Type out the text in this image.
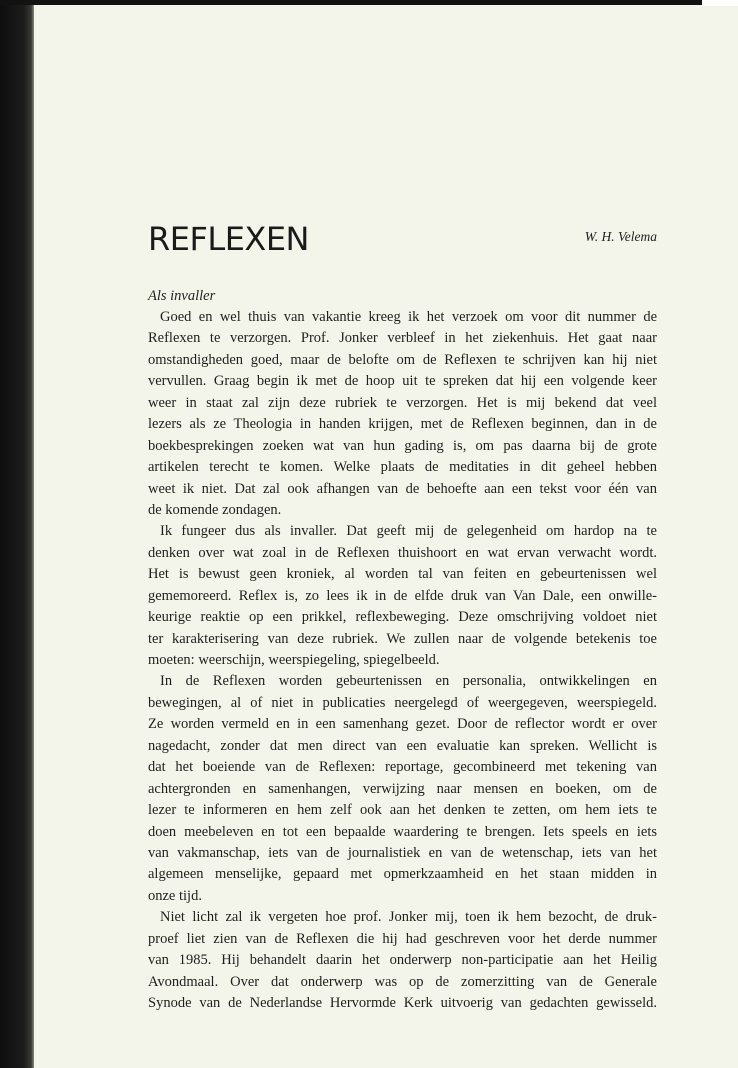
Reflexen	W. H. Velema
Als invaller
Goed en wel thuis van vakantie kreeg ik het verzoek om voor dit nummer de
Reflexen te verzorgen. Prof. Jonker verbleef in het ziekenhuis. Het gaat naar
omstandigheden goed, maar de belofte om de Reflexen te schrijven kan hij niet
vervullen. Graag begin ik met de hoop uit te spreken dat hij een volgende keer
weer in staat zal zijn deze rubriek te verzorgen. Het is mij bekend dat veel
lezers als ze Theologia in handen krijgen, met de Reflexen beginnen, dan in de
boekbesprekingen zoeken wat van hun gading is, om pas daarna bij de grote
artikelen terecht te komen. Welke plaats de meditaties in dit geheel hebben
weet ik niet. Dat zal ook afhangen van de behoefte aan een tekst voor één van
de komende zondagen.
Ik fungeer dus als invaller. Dat geeft mij de gelegenheid om hardop na te
denken over wat zoal in de Reflexen thuishoort en wat ervan verwacht wordt.
Het is bewust geen kroniek, al worden tal van feiten en gebeurtenissen wel
gememoreerd. Reflex is, zo lees ik in de elfde druk van Van Dale, een onwille-
keurige reaktie op een prikkel, reflexbeweging. Deze omschrijving voldoet niet
ter karakterisering van deze rubriek. We zullen naar de volgende betekenis toe
moeten: weerschijn, weerspiegeling, spiegelbeeld.
In de Reflexen worden gebeurtenissen en personalia, ontwikkelingen en
bewegingen, al of niet in publicaties neergelegd of weergegeven, weerspiegeld.
Ze worden vermeld en in een samenhang gezet. Door de reflector wordt er over
nagedacht, zonder dat men direct van een evaluatie kan spreken. Wellicht is
dat het boeiende van de Reflexen: reportage, gecombineerd met tekening van
achtergronden en samenhangen, verwijzing naar mensen en boeken, om de
lezer te informeren en hem zelf ook aan het denken te zetten, om hem iets te
doen meebeleven en tot een bepaalde waardering te brengen. Iets speels en iets
van vakmanschap, iets van de journalistiek en van de wetenschap, iets van het
algemeen menselijke, gepaard met opmerkzaamheid en het staan midden in
onze tijd.
Niet licht zal ik vergeten hoe prof. Jonker mij, toen ik hem bezocht, de druk-
proef liet zien van de Reflexen die hij had geschreven voor het derde nummer
van 1985. Hij behandelt daarin het onderwerp non-participatie aan het Heilig
Avondmaal. Over dat onderwerp was op de zomerzitting van de Generale
Synode van de Nederlandse Hervormde Kerk uitvoerig van gedachten gewisseld.
